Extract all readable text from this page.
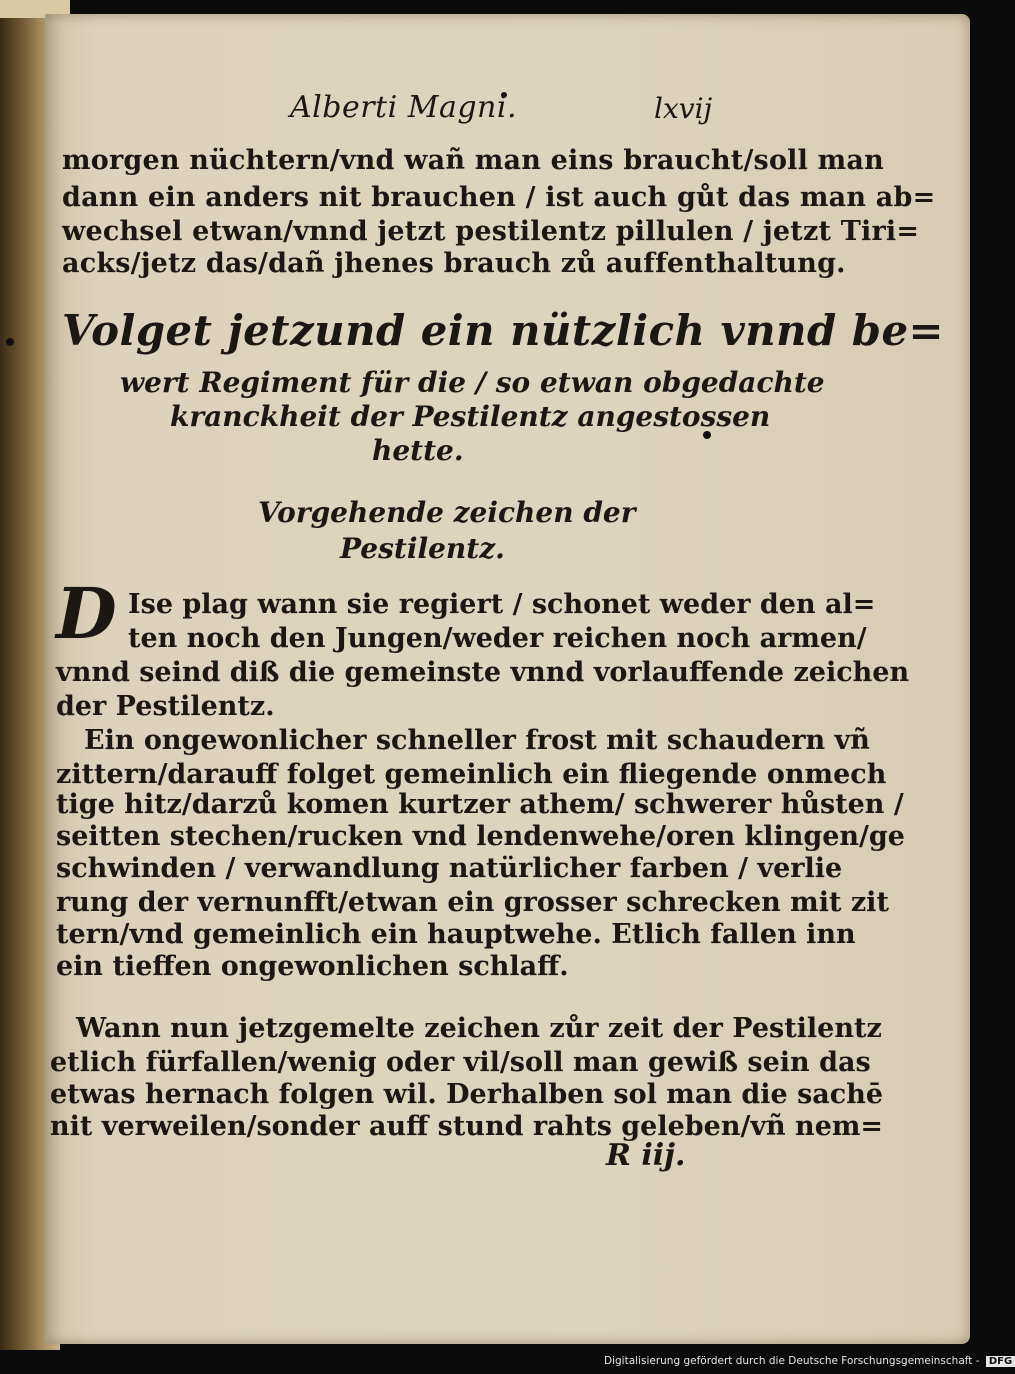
Alberti Magni.	lxvij
morgen nüchtern/vnd wañ man eins braucht/soll man
dann ein anders nit brauchen / ist auch gůt das man ab=
wechsel etwan/vnnd jetzt pestilentz pillulen / jetzt Tiri=
acks/jetz das/dañ jhenes brauch zů auffenthaltung.
Volget jetzund ein nützlich vnnd be=
wert Regiment für die / so etwan obgedachte
kranckheit der Pestilentz angestossen
hette.
Vorgehende zeichen der
Pestilentz.
D Ise plag wann sie regiert / schonet weder den al=
ten noch den Jungen/weder reichen noch armen/
vnnd seind diß die gemeinste vnnd vorlauffende zeichen
der Pestilentz.
Ein ongewonlicher schneller frost mit schaudern vñ
zittern/darauff folget gemeinlich ein fliegende onmech
tige hitz/darzů komen kurtzer athem/ schwerer hůsten /
seitten stechen/rucken vnd lendenwehe/oren klingen/ge
schwinden / verwandlung natürlicher farben / verlie
rung der vernunfft/etwan ein grosser schrecken mit zit
tern/vnd gemeinlich ein hauptwehe. Etlich fallen inn
ein tieffen ongewonlichen schlaff.
Wann nun jetzgemelte zeichen zůr zeit der Pestilentz
etlich fürfallen/wenig oder vil/soll man gewiß sein das
etwas hernach folgen wil. Derhalben sol man die sachē
nit verweilen/sonder auff stund rahts geleben/vñ nem=
R iij.
Digitalisierung gefördert durch die Deutsche Forschungsgemeinschaft - DFG
